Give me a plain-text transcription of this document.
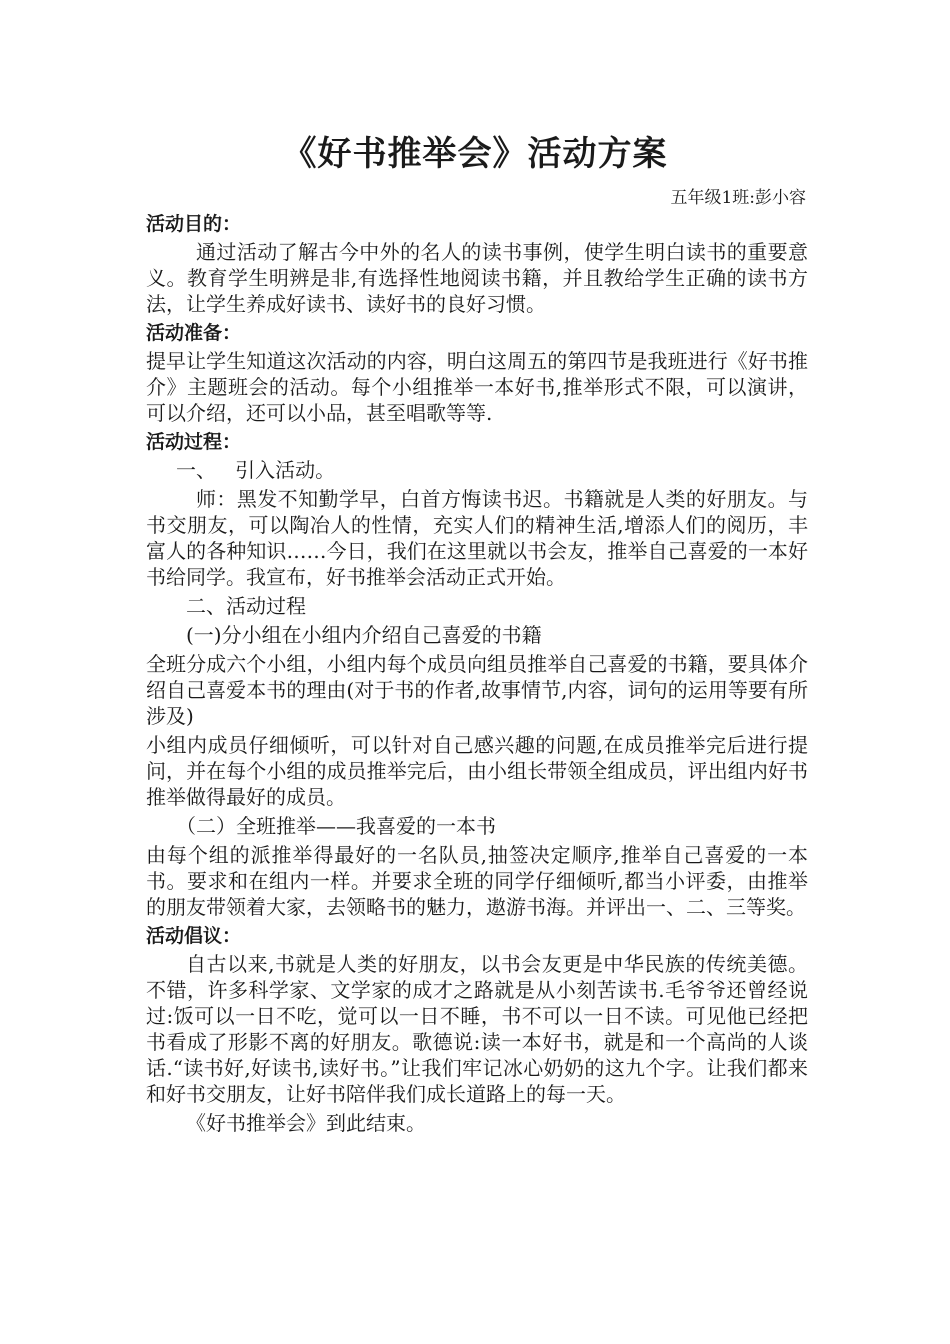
《好书推举会》活动方案
五年级1班:彭小容
活动目的：

通过活动了解古今中外的名人的读书事例，使学生明白读书的重要意义。教育学生明辨是非,有选择性地阅读书籍，并且教给学生正确的读书方法，让学生养成好读书、读好书的良好习惯。

活动准备：

提早让学生知道这次活动的内容，明白这周五的第四节是我班进行《好书推介》主题班会的活动。每个小组推举一本好书,推举形式不限，可以演讲，可以介绍，还可以小品，甚至唱歌等等.

活动过程：

一、   引入活动。

师：黑发不知勤学早，白首方悔读书迟。书籍就是人类的好朋友。与书交朋友，可以陶冶人的性情，充实人们的精神生活,增添人们的阅历，丰富人的各种知识……今日，我们在这里就以书会友，推举自己喜爱的一本好书给同学。我宣布，好书推举会活动正式开始。

二、活动过程

(一)分小组在小组内介绍自己喜爱的书籍

全班分成六个小组，小组内每个成员向组员推举自己喜爱的书籍，要具体介绍自己喜爱本书的理由(对于书的作者,故事情节,内容，词句的运用等要有所涉及)

小组内成员仔细倾听，可以针对自己感兴趣的问题,在成员推举完后进行提问，并在每个小组的成员推举完后，由小组长带领全组成员，评出组内好书推举做得最好的成员。

（二）全班推举——我喜爱的一本书

由每个组的派推举得最好的一名队员,抽签决定顺序,推举自己喜爱的一本书。要求和在组内一样。并要求全班的同学仔细倾听,都当小评委，由推举的朋友带领着大家，去领略书的魅力，遨游书海。并评出一、二、三等奖。

活动倡议：

自古以来,书就是人类的好朋友，以书会友更是中华民族的传统美德。不错，许多科学家、文学家的成才之路就是从小刻苦读书.毛爷爷还曾经说过:饭可以一日不吃，觉可以一日不睡，书不可以一日不读。可见他已经把书看成了形影不离的好朋友。歌德说:读一本好书，就是和一个高尚的人谈话.“读书好,好读书,读好书。”让我们牢记冰心奶奶的这九个字。让我们都来和好书交朋友，让好书陪伴我们成长道路上的每一天。

《好书推举会》到此结束。
